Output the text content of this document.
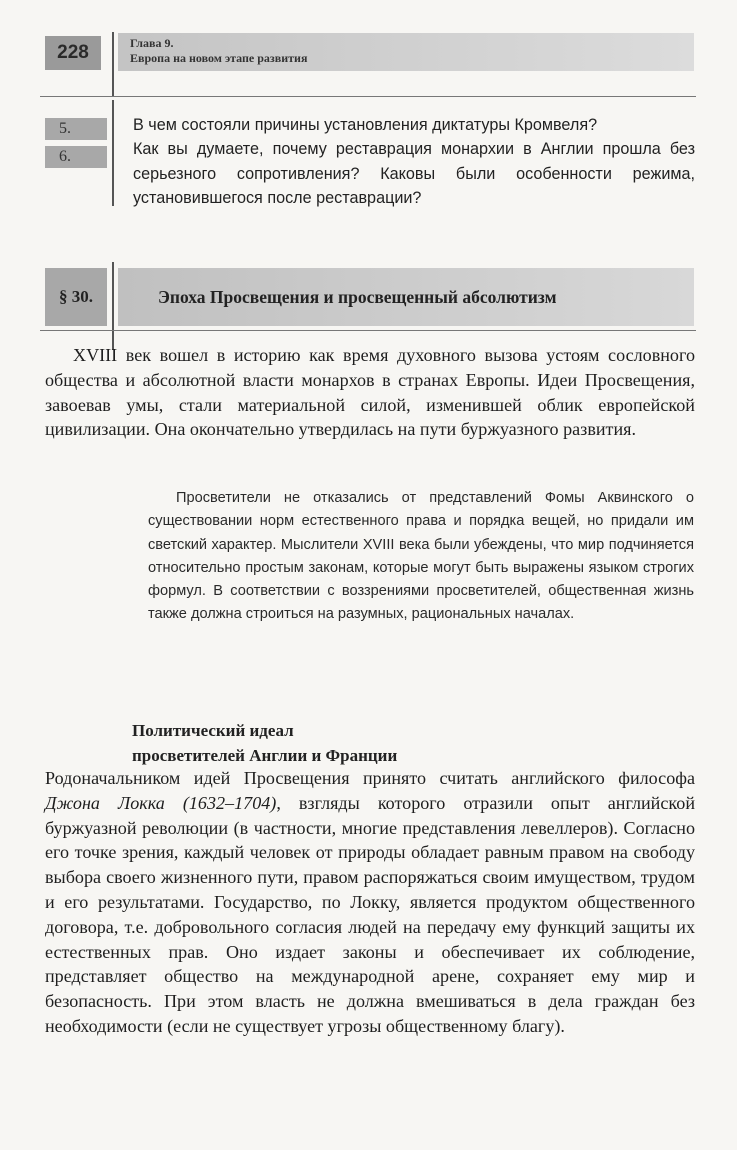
228	Глава 9.
Европа на новом этапе развития
5.	В чем состояли причины установления диктатуры Кромвеля?
6.	Как вы думаете, почему реставрация монархии в Англии прошла без серьезного сопротивления? Каковы были особенности режима, установившегося после реставрации?
§ 30.	Эпоха Просвещения и просвещенный абсолютизм

XVIII век вошел в историю как время духовного вызова устоям сословного общества и абсолютной власти монархов в странах Европы. Идеи Просвещения, завоевав умы, стали материальной силой, изменившей облик европейской цивилизации. Она окончательно утвердилась на пути буржуазного развития.

Просветители не отказались от представлений Фомы Аквинского о существовании норм естественного права и порядка вещей, но придали им светский характер. Мыслители XVIII века были убеждены, что мир подчиняется относительно простым законам, которые могут быть выражены языком строгих формул. В соответствии с воззрениями просветителей, общественная жизнь также должна строиться на разумных, рациональных началах.
Политический идеал
просветителей Англии и Франции

Родоначальником идей Просвещения принято считать английского философа Джона Локка (1632–1704), взгляды которого отразили опыт английской буржуазной революции (в частности, многие представления левеллеров). Согласно его точке зрения, каждый человек от природы обладает равным правом на свободу выбора своего жизненного пути, правом распоряжаться своим имуществом, трудом и его результатами. Государство, по Локку, является продуктом общественного договора, т.е. добровольного согласия людей на передачу ему функций защиты их естественных прав. Оно издает законы и обеспечивает их соблюдение, представляет общество на международной арене, сохраняет ему мир и безопасность. При этом власть не должна вмешиваться в дела граждан без необходимости (если не существует угрозы общественному благу).
